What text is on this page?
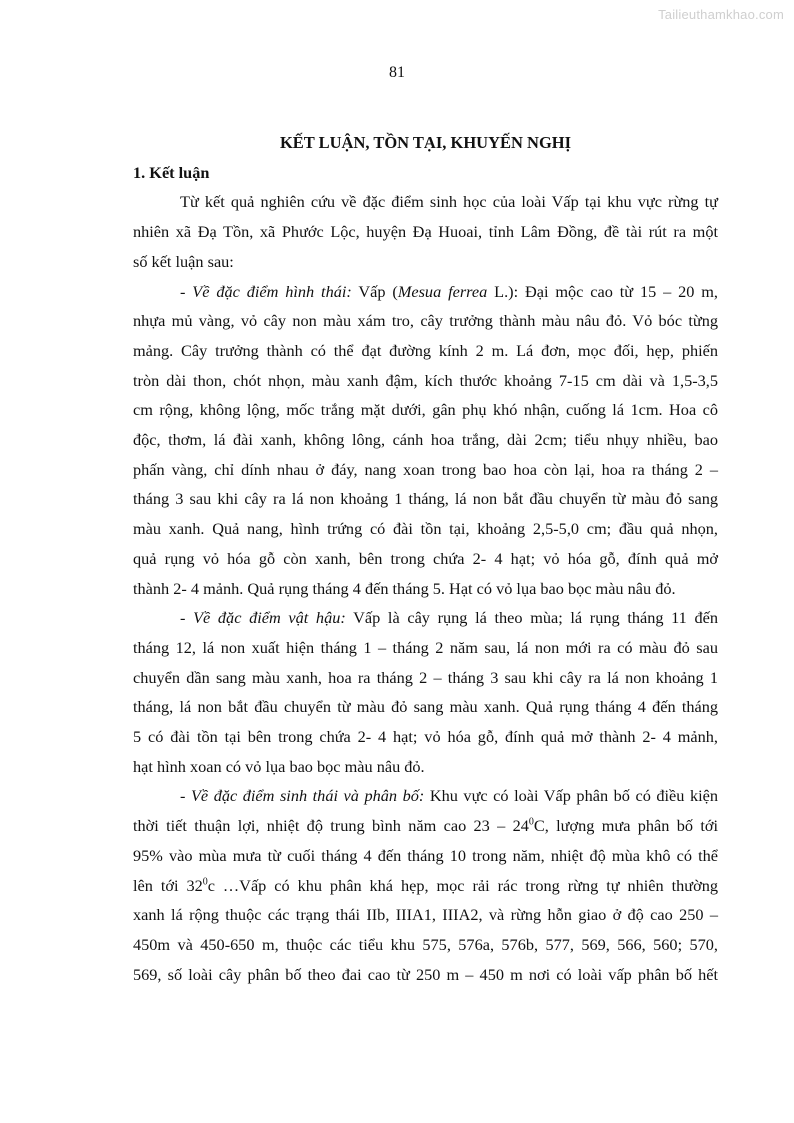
Tailieuthamkhao.com
81

KẾT LUẬN, TỒN TẠI, KHUYẾN NGHỊ

1. Kết luận

Từ kết quả nghiên cứu về đặc điểm sinh học của loài Vấp tại khu vực rừng tự
nhiên xã Đạ Tồn, xã Phước Lộc, huyện Đạ Huoai, tỉnh Lâm Đồng, đề tài rút ra một
số kết luận sau:
- Về đặc điểm hình thái: Vấp (Mesua ferrea L.): Đại mộc cao từ 15 – 20 m,
nhựa mủ vàng, vỏ cây non màu xám tro, cây trưởng thành màu nâu đỏ. Vỏ bóc từng
mảng. Cây trưởng thành có thể đạt đường kính 2 m. Lá đơn, mọc đối, hẹp, phiến
tròn dài thon, chót nhọn, màu xanh đậm, kích thước khoảng 7-15 cm dài và 1,5-3,5
cm rộng, không lộng, mốc trắng mặt dưới, gân phụ khó nhận, cuống lá 1cm. Hoa cô
độc, thơm, lá đài xanh, không lông, cánh hoa trắng, dài 2cm; tiểu nhụy nhiều, bao
phấn vàng, chỉ dính nhau ở đáy, nang xoan trong bao hoa còn lại, hoa ra tháng 2 –
tháng 3 sau khi cây ra lá non khoảng 1 tháng, lá non bắt đầu chuyển từ màu đỏ sang
màu xanh. Quả nang, hình trứng có đài tồn tại, khoảng 2,5-5,0 cm; đầu quả nhọn,
quả rụng vỏ hóa gỗ còn xanh, bên trong chứa 2- 4 hạt; vỏ hóa gỗ, đính quả mở
thành 2- 4 mảnh. Quả rụng tháng 4 đến tháng 5. Hạt có vỏ lụa bao bọc màu nâu đỏ.
- Về đặc điểm vật hậu: Vấp là cây rụng lá theo mùa; lá rụng tháng 11 đến
tháng 12, lá non xuất hiện tháng 1 – tháng 2 năm sau, lá non mới ra có màu đỏ sau
chuyển dần sang màu xanh, hoa ra tháng 2 – tháng 3 sau khi cây ra lá non khoảng 1
tháng, lá non bắt đầu chuyển từ màu đỏ sang màu xanh. Quả rụng tháng 4 đến tháng
5 có đài tồn tại bên trong chứa 2- 4 hạt; vỏ hóa gỗ, đính quả mở thành 2- 4 mảnh,
hạt hình xoan có vỏ lụa bao bọc màu nâu đỏ.
- Về đặc điểm sinh thái và phân bố: Khu vực có loài Vấp phân bố có điều kiện
thời tiết thuận lợi, nhiệt độ trung bình năm cao $23 - 24^0C$, lượng mưa phân bố tới
95% vào mùa mưa từ cuối tháng 4 đến tháng 10 trong năm, nhiệt độ mùa khô có thể
lên tới $32^0c$ …Vấp có khu phân khá hẹp, mọc rải rác trong rừng tự nhiên thường
xanh lá rộng thuộc các trạng thái IIb, IIIA1, IIIA2, và rừng hỗn giao ở độ cao 250 –
450m và 450-650 m, thuộc các tiểu khu 575, 576a, 576b, 577, 569, 566, 560; 570,
569, số loài cây phân bố theo đai cao từ 250 m – 450 m nơi có loài vấp phân bố hết
